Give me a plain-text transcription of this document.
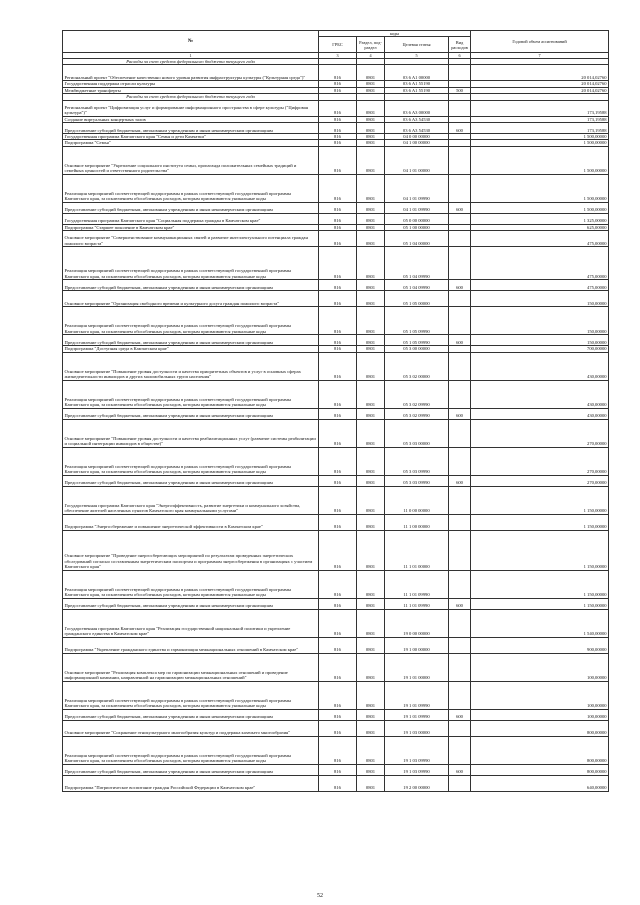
№	коды				Годовой объем ассигнований
	ГРБС	Раздел, под-раздел	Целевая статья	Вид расходов	
1	3	4	5	6	7
Расходы за счет средств федерального бюджета текущего года					
Региональный проект "Обеспечение качественно нового уровня развития инфраструктуры культуры ("Культурная среда")"	816	0801	03 6 A1 00000		20 014,02760
Государственная поддержка отрасли культуры	816	0801	03 6 A1 55190		20 014,02760
Межбюджетные трансферты	816	0801	03 6 A1 55190	500	20 014,02760
Расходы за счет средств федерального бюджета текущего года					
Региональный проект "Цифровизация услуг и формирование информационного пространства в сфере культуры ("Цифровая культура")"	816	0801	03 6 A3 00000		173,19588
Создание виртуальных концертных залов	816	0801	03 6 A3 54530		173,19588
Предоставление субсидий бюджетным, автономным учреждениям и иным некоммерческим организациям	816	0801	03 6 A3 54530	600	173,19588
Государственная программа Камчатского края "Семья и дети Камчатки"	816	0801	04 0 00 00000		1 500,00000
Подпрограмма "Семья"	816	0801	04 1 00 00000		1 500,00000
Основное мероприятие "Укрепление социального института семьи, пропаганда положительных семейных традиций и семейных ценностей и ответственного родительства"	816	0801	04 1 01 00000		1 500,00000
Реализация мероприятий соответствующей подпрограммы в рамках соответствующей государственной программы Камчатского края, за исключением обособленных расходов, которым присваиваются уникальные коды	816	0801	04 1 01 09990		1 500,00000
Предоставление субсидий бюджетным, автономным учреждениям и иным некоммерческим организациям	816	0801	04 1 01 09990	600	1 500,00000
Государственная программа Камчатского края "Социальная поддержка граждан в Камчатском крае"	816	0801	05 0 00 00000		1 325,00000
Подпрограмма "Старшее поколение в Камчатском крае"	816	0801	05 1 00 00000		625,00000
Основное мероприятие "Совершенствование коммуникационных связей и развитие интеллектуального потенциала граждан пожилого возраста"	816	0801	05 1 04 00000		475,00000
Реализация мероприятий соответствующей подпрограммы в рамках соответствующей государственной программы Камчатского края, за исключением обособленных расходов, которым присваиваются уникальные коды	816	0801	05 1 04 09990		475,00000
Предоставление субсидий бюджетным, автономным учреждениям и иным некоммерческим организациям	816	0801	05 1 04 09990	600	475,00000
Основное мероприятие "Организация свободного времени и культурного досуга граждан пожилого возраста"	816	0801	05 1 05 00000		150,00000
Реализация мероприятий соответствующей подпрограммы в рамках соответствующей государственной программы Камчатского края, за исключением обособленных расходов, которым присваиваются уникальные коды	816	0801	05 1 05 09990		150,00000
Предоставление субсидий бюджетным, автономным учреждениям и иным некоммерческим организациям	816	0801	05 1 05 09990	600	150,00000
Подпрограмма "Доступная среда в Камчатском крае"	816	0801	05 3 00 00000		700,00000
Основное мероприятие "Повышение уровня доступности и качества приоритетных объектов и услуг в основных сферах жизнедеятельности инвалидов и других маломобильных групп населения"	816	0801	05 3 02 00000		430,00000
Реализация мероприятий соответствующей подпрограммы в рамках соответствующей государственной программы Камчатского края, за исключением обособленных расходов, которым присваиваются уникальные коды	816	0801	05 3 02 09990		430,00000
Предоставление субсидий бюджетным, автономным учреждениям и иным некоммерческим организациям	816	0801	05 3 02 09990	600	430,00000
Основное мероприятие "Повышение уровня доступности и качества реабилитационных услуг (развитие системы реабилитации и социальной интеграции инвалидов в обществе)"	816	0801	05 3 03 00000		270,00000
Реализация мероприятий соответствующей подпрограммы в рамках соответствующей государственной программы Камчатского края, за исключением обособленных расходов, которым присваиваются уникальные коды	816	0801	05 3 03 09990		270,00000
Предоставление субсидий бюджетным, автономным учреждениям и иным некоммерческим организациям	816	0801	05 3 03 09990	600	270,00000
Государственная программа Камчатского края "Энергоэффективность, развитие энергетики и коммунального хозяйства, обеспечение жителей населенных пунктов Камчатского края коммунальными услугами"	816	0801	11 0 00 00000		1 150,00000
Подпрограмма "Энергосбережение и повышение энергетической эффективности в Камчатском крае"	816	0801	11 1 00 00000		1 150,00000
Основное мероприятие "Проведение энергосберегающих мероприятий по результатам проведенных энергетических обследований согласно составленным энергетическим паспортам и программам энергосбережения в организациях с участием Камчатского края"	816	0801	11 1 01 00000		1 150,00000
Реализация мероприятий соответствующей подпрограммы в рамках соответствующей государственной программы Камчатского края, за исключением обособленных расходов, которым присваиваются уникальные коды	816	0801	11 1 01 09990		1 150,00000
Предоставление субсидий бюджетным, автономным учреждениям и иным некоммерческим организациям	816	0801	11 1 01 09990	600	1 150,00000
Государственная программа Камчатского края "Реализация государственной национальной политики и укрепление гражданского единства в Камчатском крае"	816	0801	19 0 00 00000		1 540,00000
Подпрограмма "Укрепление гражданского единства и гармонизация межнациональных отношений в Камчатском крае"	816	0801	19 1 00 00000		900,00000
Основное мероприятие "Реализация комплекса мер по гармонизации межнациональных отношений и проведение информационной кампании, направленной на гармонизацию межнациональных отношений"	816	0801	19 1 01 00000		100,00000
Реализация мероприятий соответствующей подпрограммы в рамках соответствующей государственной программы Камчатского края, за исключением обособленных расходов, которым присваиваются уникальные коды	816	0801	19 1 01 09990		100,00000
Предоставление субсидий бюджетным, автономным учреждениям и иным некоммерческим организациям	816	0801	19 1 01 09990	600	100,00000
Основное мероприятие "Сохранение этнокультурного многообразия культур и поддержка казачьего многообразия"	816	0801	19 1 03 00000		800,00000
Реализация мероприятий соответствующей подпрограммы в рамках соответствующей государственной программы Камчатского края, за исключением обособленных расходов, которым присваиваются уникальные коды	816	0801	19 1 03 09990		800,00000
Предоставление субсидий бюджетным, автономным учреждениям и иным некоммерческим организациям	816	0801	19 1 03 09990	600	800,00000
Подпрограмма "Патриотическое воспитание граждан Российской Федерации в Камчатском крае"	816	0801	19 2 00 00000		640,00000
52
